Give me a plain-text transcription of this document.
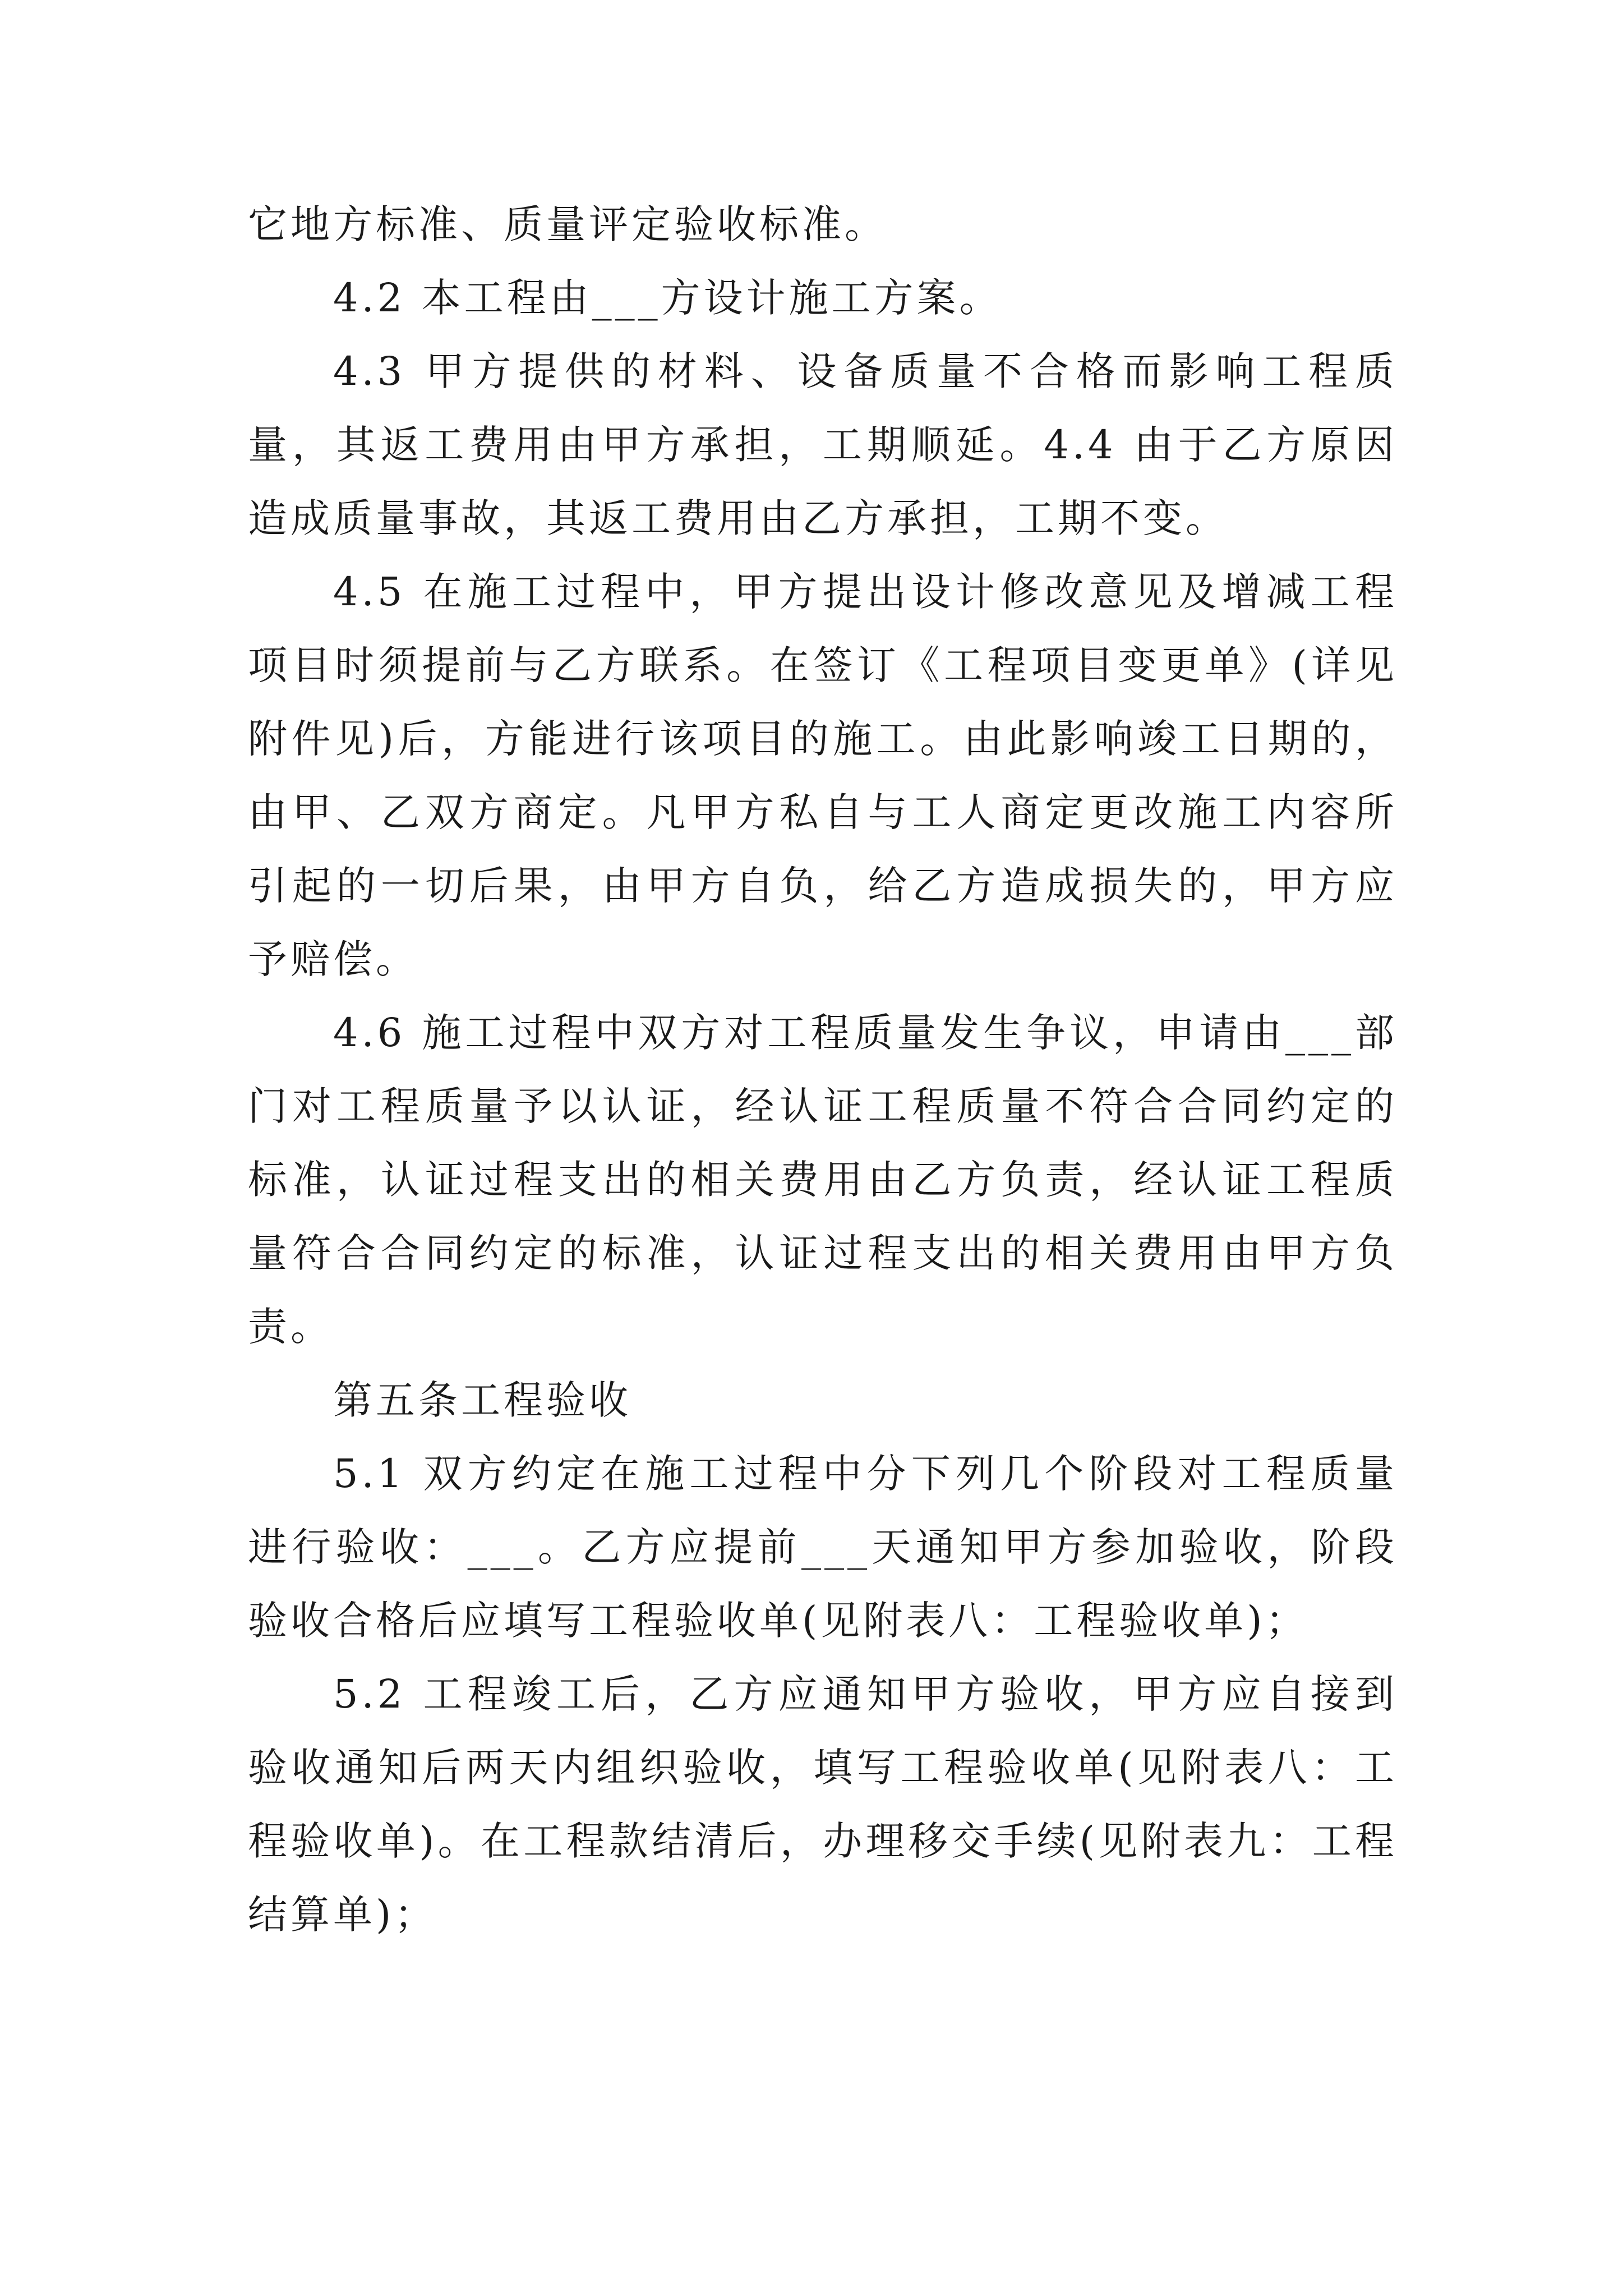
它地方标准、质量评定验收标准。

4.2 本工程由___方设计施工方案。

4.3 甲方提供的材料、设备质量不合格而影响工程质量，其返工费用由甲方承担，工期顺延。4.4 由于乙方原因造成质量事故，其返工费用由乙方承担，工期不变。

4.5 在施工过程中，甲方提出设计修改意见及增减工程项目时须提前与乙方联系。在签订《工程项目变更单》(详见附件见)后，方能进行该项目的施工。由此影响竣工日期的，由甲、乙双方商定。凡甲方私自与工人商定更改施工内容所引起的一切后果，由甲方自负，给乙方造成损失的，甲方应予赔偿。

4.6 施工过程中双方对工程质量发生争议，申请由___部门对工程质量予以认证，经认证工程质量不符合合同约定的标准，认证过程支出的相关费用由乙方负责，经认证工程质量符合合同约定的标准，认证过程支出的相关费用由甲方负责。

第五条工程验收

5.1 双方约定在施工过程中分下列几个阶段对工程质量进行验收：___。乙方应提前___天通知甲方参加验收，阶段验收合格后应填写工程验收单(见附表八：工程验收单)；

5.2 工程竣工后，乙方应通知甲方验收，甲方应自接到验收通知后两天内组织验收，填写工程验收单(见附表八：工程验收单)。在工程款结清后，办理移交手续(见附表九：工程结算单)；
